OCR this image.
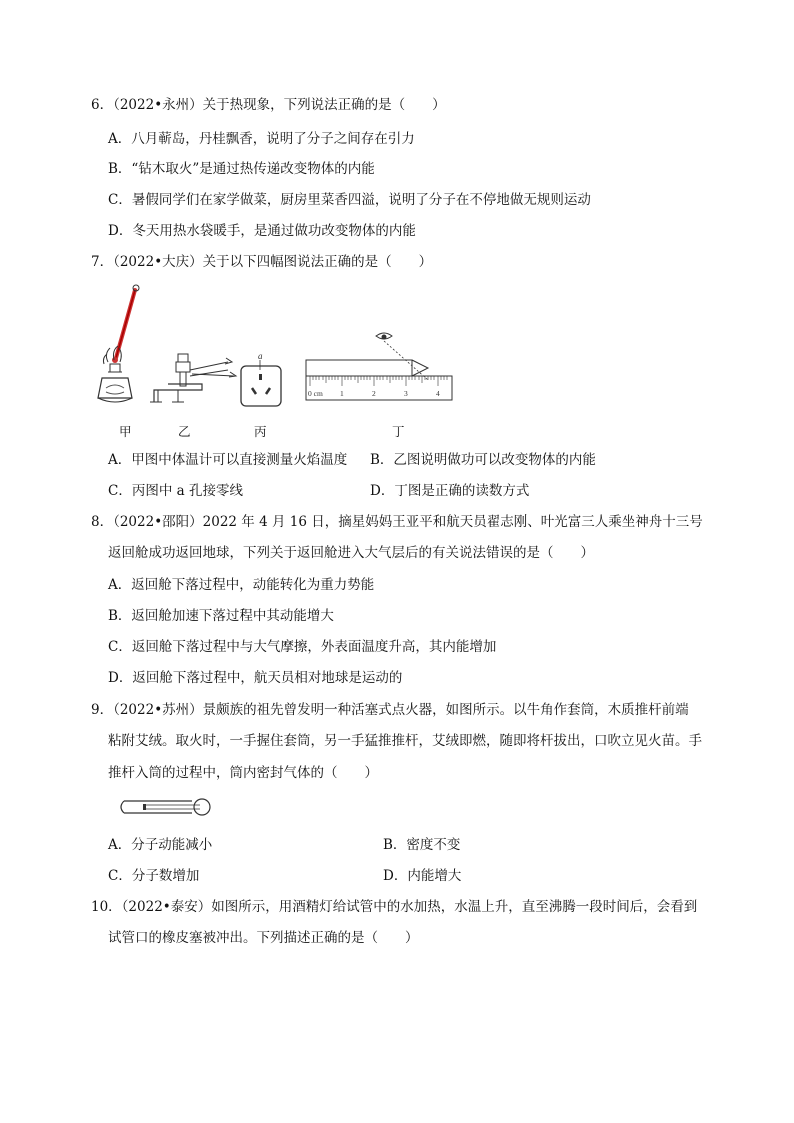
6．（2022•永州）关于热现象，下列说法正确的是（　　）
A．八月蕲岛，丹桂飘香，说明了分子之间存在引力
B．“钻木取火”是通过热传递改变物体的内能
C．暑假同学们在家学做菜，厨房里菜香四溢，说明了分子在不停地做无规则运动
D．冬天用热水袋暖手，是通过做功改变物体的内能
7．（2022•大庆）关于以下四幅图说法正确的是（　　）
a
0 cm 1	2	3	4
甲	乙	丙	丁
A．甲图中体温计可以直接测量火焰温度 B．乙图说明做功可以改变物体的内能
C．丙图中 a 孔接零线	D．丁图是正确的读数方式
8．（2022•邵阳）2022 年 4 月 16 日，摘星妈妈王亚平和航天员翟志刚、叶光富三人乘坐神舟十三号
返回舱成功返回地球，下列关于返回舱进入大气层后的有关说法错误的是（　　）
A．返回舱下落过程中，动能转化为重力势能
B．返回舱加速下落过程中其动能增大
C．返回舱下落过程中与大气摩擦，外表面温度升高，其内能增加
D．返回舱下落过程中，航天员相对地球是运动的
9．（2022•苏州）景颇族的祖先曾发明一种活塞式点火器，如图所示。以牛角作套筒，木质推杆前端
粘附艾绒。取火时，一手握住套筒，另一手猛推推杆，艾绒即燃，随即将杆拔出，口吹立见火苗。手
推杆入筒的过程中，筒内密封气体的（　　）
A．分子动能减小	B．密度不变
C．分子数增加	D．内能增大
10．（2022•泰安）如图所示，用酒精灯给试管中的水加热，水温上升，直至沸腾一段时间后，会看到
试管口的橡皮塞被冲出。下列描述正确的是（　　）
